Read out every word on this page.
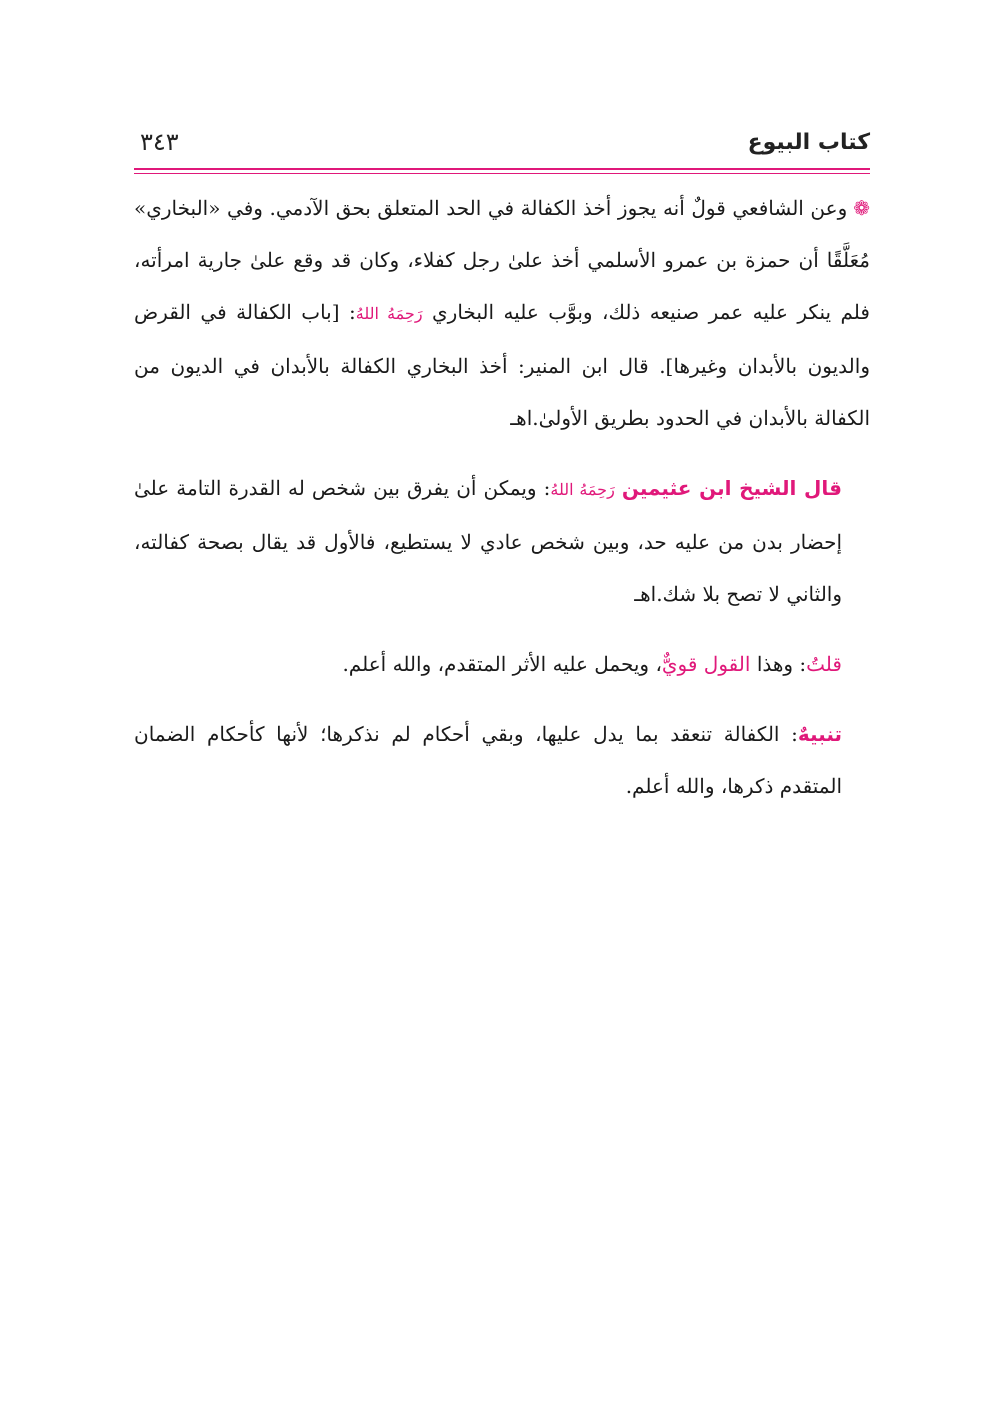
كتاب البيوع
٣٤٣

❁وعن الشافعي قولٌ أنه يجوز أخذ الكفالة في الحد المتعلق بحق الآدمي. وفي «البخاري» مُعَلَّقًا أن حمزة بن عمرو الأسلمي أخذ علىٰ رجل كفلاء، وكان قد وقع علىٰ جارية امرأته، فلم ينكر عليه عمر صنيعه ذلك، وبوَّب عليه البخاري رَحِمَهُ اللهُ: [باب الكفالة في القرض والديون بالأبدان وغيرها]. قال ابن المنير: أخذ البخاري الكفالة بالأبدان في الديون من الكفالة بالأبدان في الحدود بطريق الأولىٰ.اهـ

قال الشيخ ابن عثيمين رَحِمَهُ اللهُ: ويمكن أن يفرق بين شخص له القدرة التامة علىٰ إحضار بدن من عليه حد، وبين شخص عادي لا يستطيع، فالأول قد يقال بصحة كفالته، والثاني لا تصح بلا شك.اهـ

قلتُ: وهذا القول قويٌّ، ويحمل عليه الأثر المتقدم، والله أعلم.

تنبيهٌ: الكفالة تنعقد بما يدل عليها، وبقي أحكام لم نذكرها؛ لأنها كأحكام الضمان المتقدم ذكرها، والله أعلم.
